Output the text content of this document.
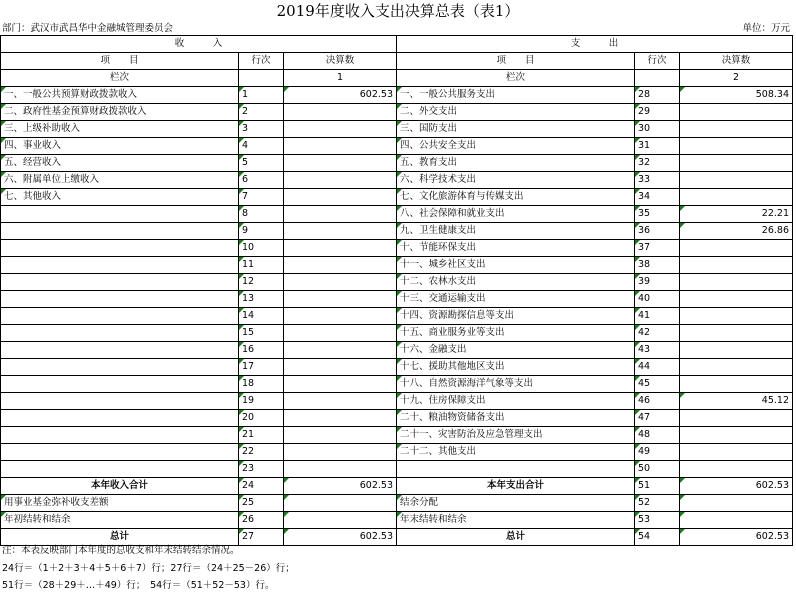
2019年度收入支出决算总表（表1）
部门：武汉市武昌华中金融城管理委员会	单位：万元
收　　　入			支　　　出		
项　　目	行次	决算数	项　　目	行次	决算数
栏次		1	栏次		2
一、一般公共预算财政拨款收入	1	602.53	一、一般公共服务支出	28	508.34
二、政府性基金预算财政拨款收入	2		二、外交支出	29	
三、上级补助收入	3		三、国防支出	30	
四、事业收入	4		四、公共安全支出	31	
五、经营收入	5		五、教育支出	32	
六、附属单位上缴收入	6		六、科学技术支出	33	
七、其他收入	7		七、文化旅游体育与传媒支出	34	
	8		八、社会保障和就业支出	35	22.21
	9		九、卫生健康支出	36	26.86
	10		十、节能环保支出	37	
	11		十一、城乡社区支出	38	
	12		十二、农林水支出	39	
	13		十三、交通运输支出	40	
	14		十四、资源勘探信息等支出	41	
	15		十五、商业服务业等支出	42	
	16		十六、金融支出	43	
	17		十七、援助其他地区支出	44	
	18		十八、自然资源海洋气象等支出	45	
	19		十九、住房保障支出	46	45.12
	20		二十、粮油物资储备支出	47	
	21		二十一、灾害防治及应急管理支出	48	
	22		二十二、其他支出	49	
	23			50	
本年收入合计	24	602.53	本年支出合计	51	602.53
用事业基金弥补收支差额	25		结余分配	52	
年初结转和结余	26		年末结转和结余	53	
总计	27	602.53	总计	54	602.53
注：本表反映部门本年度的总收支和年末结转结余情况。
24行＝（1＋2＋3＋4＋5＋6＋7）行；27行＝（24＋25－26）行；
51行＝（28＋29＋…＋49）行；　54行＝（51＋52－53）行。
